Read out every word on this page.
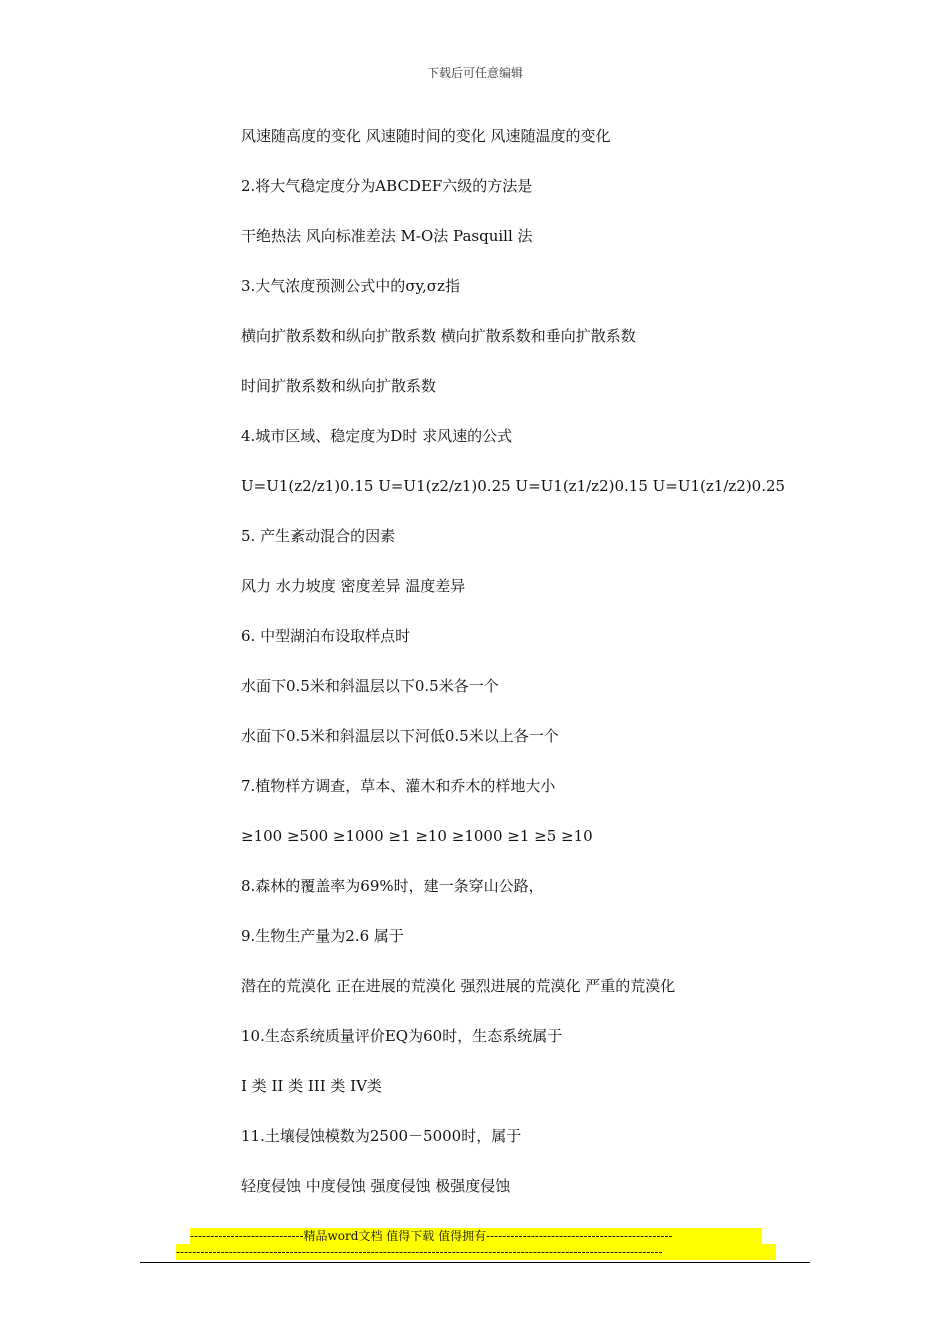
下载后可任意编辑
风速随高度的变化 风速随时间的变化 风速随温度的变化
2.将大气稳定度分为ABCDEF六级的方法是
干绝热法 风向标准差法 M-O法 Pasquill 法
3.大气浓度预测公式中的σy,σz指
横向扩散系数和纵向扩散系数 横向扩散系数和垂向扩散系数
时间扩散系数和纵向扩散系数
4.城市区域、稳定度为D时 求风速的公式
U=U1(z2/z1)0.15 U=U1(z2/z1)0.25 U=U1(z1/z2)0.15 U=U1(z1/z2)0.25
5. 产生紊动混合的因素
风力 水力坡度 密度差异 温度差异
6. 中型湖泊布设取样点时
水面下0.5米和斜温层以下0.5米各一个
水面下0.5米和斜温层以下河低0.5米以上各一个
7.植物样方调查，草本、灌木和乔木的样地大小
≥100 ≥500 ≥1000 ≥1 ≥10 ≥1000 ≥1 ≥5 ≥10
8.森林的覆盖率为69%时，建一条穿山公路，
9.生物生产量为2.6 属于
潜在的荒漠化 正在进展的荒漠化 强烈进展的荒漠化 严重的荒漠化
10.生态系统质量评价EQ为60时，生态系统属于
I 类 II 类 III 类 IV类
11.土壤侵蚀模数为2500－5000时，属于
轻度侵蚀 中度侵蚀 强度侵蚀 极强度侵蚀
----------------------------精品word文档 值得下载 值得拥有----------------------------------------------
------------------------------------------------------------------------------------------------------------------------
